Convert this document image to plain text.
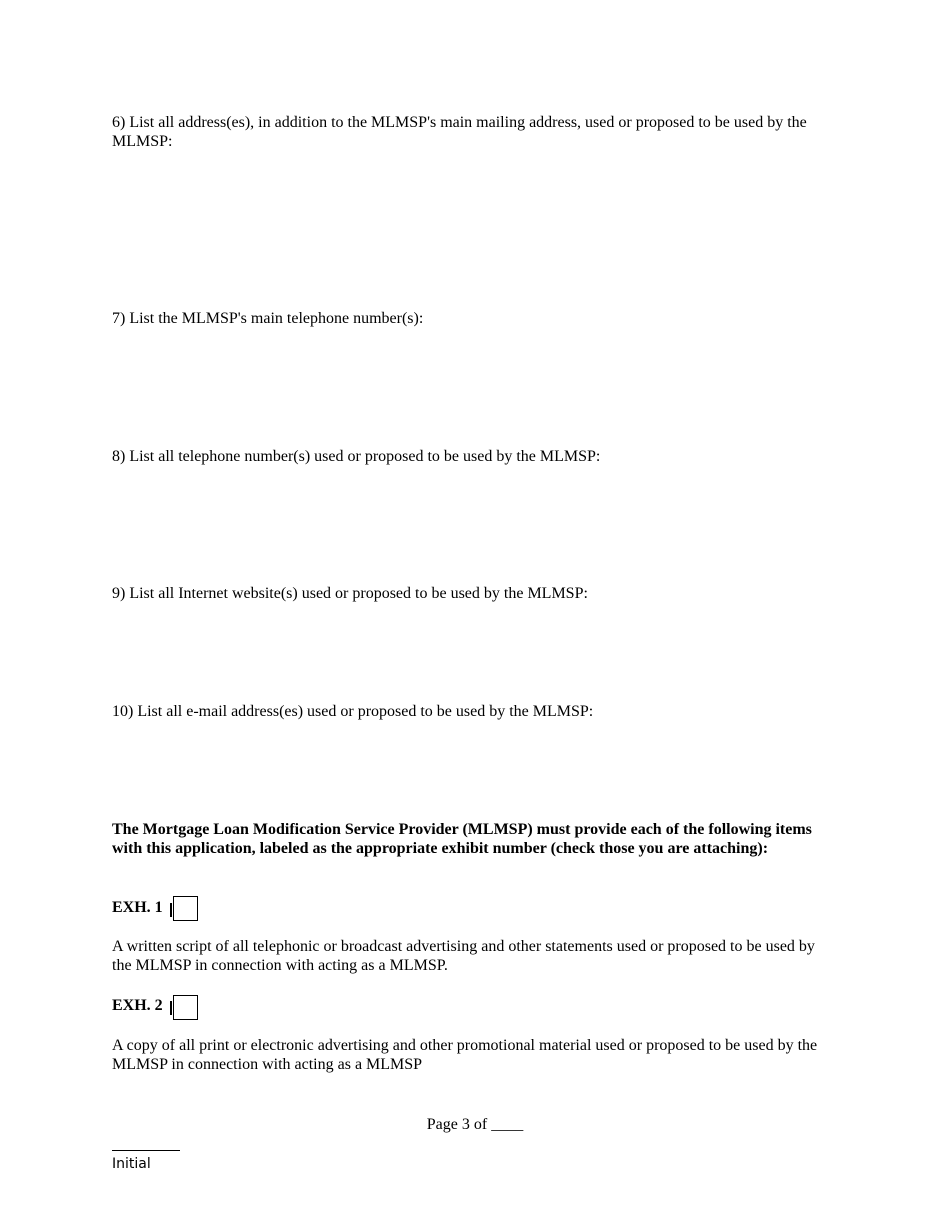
6) List all address(es), in addition to the MLMSP's main mailing address, used or proposed to be used by the MLMSP:
7) List the MLMSP's main telephone number(s):
8) List all telephone number(s) used or proposed to be used by the MLMSP:
9) List all Internet website(s) used or proposed to be used by the MLMSP:
10) List all e-mail address(es) used or proposed to be used by the MLMSP:
The Mortgage Loan Modification Service Provider (MLMSP) must provide each of the following items with this application, labeled as the appropriate exhibit number (check those you are attaching):
EXH. 1
A written script of all telephonic or broadcast advertising and other statements used or proposed to be used by the MLMSP in connection with acting as a MLMSP.
EXH. 2
A copy of all print or electronic advertising and other promotional material used or proposed to be used by the MLMSP in connection with acting as a MLMSP
Page 3 of ____
Initial
